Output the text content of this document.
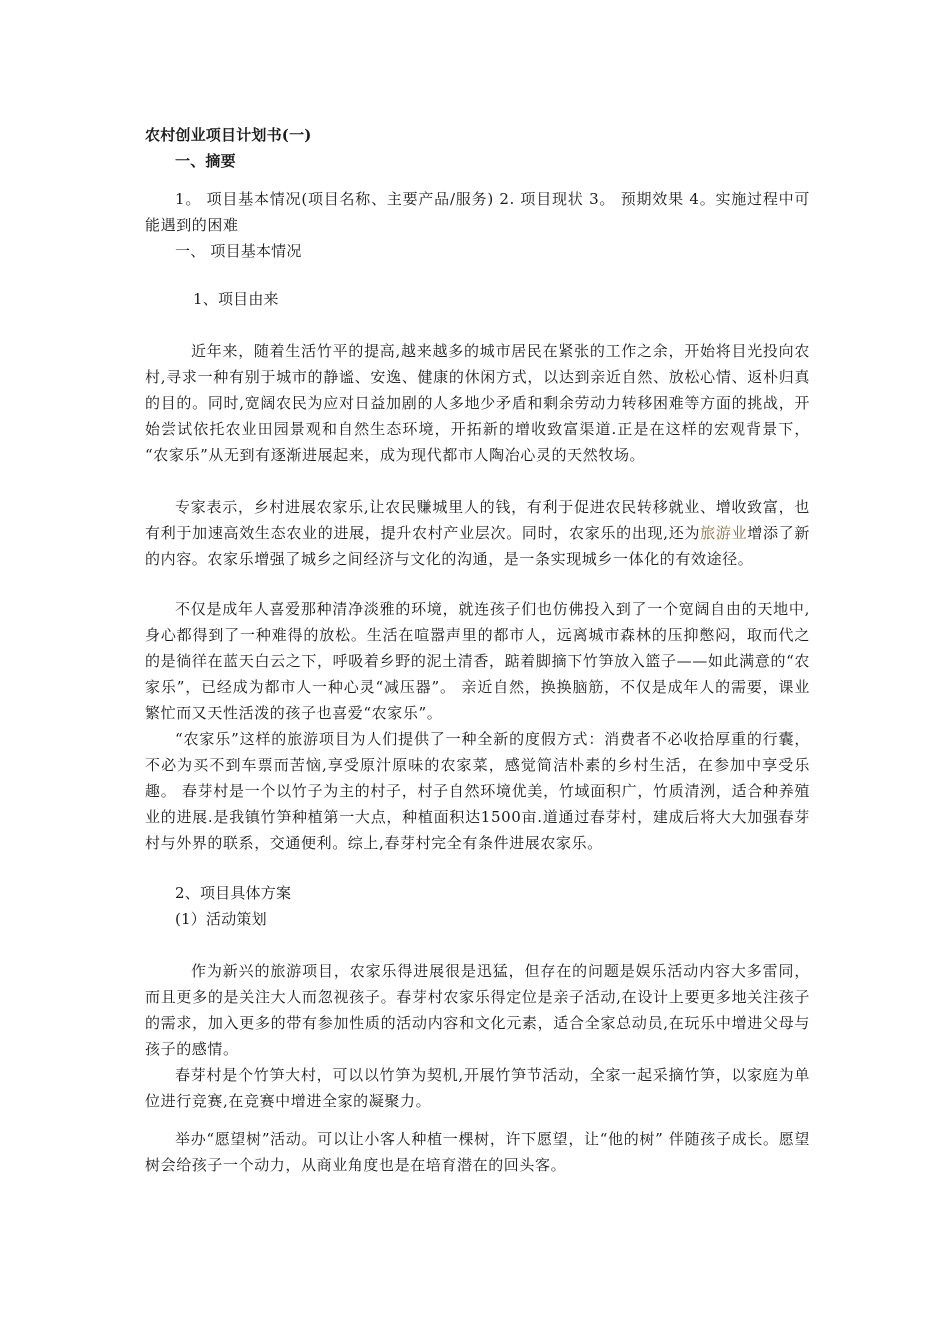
农村创业项目计划书(一)
一、摘要

1。 项目基本情况(项目名称、主要产品/服务) 2. 项目现状 3。 预期效果 4。实施过程中可能遇到的困难

一、 项目基本情况
1、项目由来

近年来，随着生活竹平的提高,越来越多的城市居民在紧张的工作之余，开始将目光投向农村,寻求一种有别于城市的静谧、安逸、健康的休闲方式，以达到亲近自然、放松心情、返朴归真的目的。同时,宽阔农民为应对日益加剧的人多地少矛盾和剩余劳动力转移困难等方面的挑战，开始尝试依托农业田园景观和自然生态环境，开拓新的增收致富渠道.正是在这样的宏观背景下， “农家乐”从无到有逐渐进展起来，成为现代都市人陶冶心灵的天然牧场。

专家表示，乡村进展农家乐,让农民赚城里人的钱，有利于促进农民转移就业、增收致富，也有利于加速高效生态农业的进展，提升农村产业层次。同时，农家乐的出现,还为旅游业增添了新的内容。农家乐增强了城乡之间经济与文化的沟通，是一条实现城乡一体化的有效途径。

不仅是成年人喜爱那种清净淡雅的环境，就连孩子们也仿佛投入到了一个宽阔自由的天地中,身心都得到了一种难得的放松。生活在喧嚣声里的都市人，远离城市森林的压抑憋闷，取而代之的是徜徉在蓝天白云之下，呼吸着乡野的泥土清香，踮着脚摘下竹笋放入篮子——如此满意的“农家乐”，已经成为都市人一种心灵“减压器”。 亲近自然，换换脑筋，不仅是成年人的需要，课业繁忙而又天性活泼的孩子也喜爱“农家乐”。

“农家乐”这样的旅游项目为人们提供了一种全新的度假方式：消费者不必收拾厚重的行囊，不必为买不到车票而苦恼,享受原汁原味的农家菜，感觉简洁朴素的乡村生活，在参加中享受乐趣。 春芽村是一个以竹子为主的村子，村子自然环境优美，竹域面积广，竹质清洌，适合种养殖业的进展.是我镇竹笋种植第一大点，种植面积达1500亩.道通过春芽村，建成后将大大加强春芽村与外界的联系，交通便利。综上,春芽村完全有条件进展农家乐。

2、项目具体方案
(1）活动策划

作为新兴的旅游项目，农家乐得进展很是迅猛，但存在的问题是娱乐活动内容大多雷同， 而且更多的是关注大人而忽视孩子。春芽村农家乐得定位是亲子活动,在设计上要更多地关注孩子的需求，加入更多的带有参加性质的活动内容和文化元素，适合全家总动员,在玩乐中增进父母与孩子的感情。

春芽村是个竹笋大村，可以以竹笋为契机,开展竹笋节活动，全家一起采摘竹笋，以家庭为单位进行竞赛,在竞赛中增进全家的凝聚力。

举办“愿望树”活动。可以让小客人种植一棵树，许下愿望，让“他的树” 伴随孩子成长。愿望树会给孩子一个动力，从商业角度也是在培育潜在的回头客。
